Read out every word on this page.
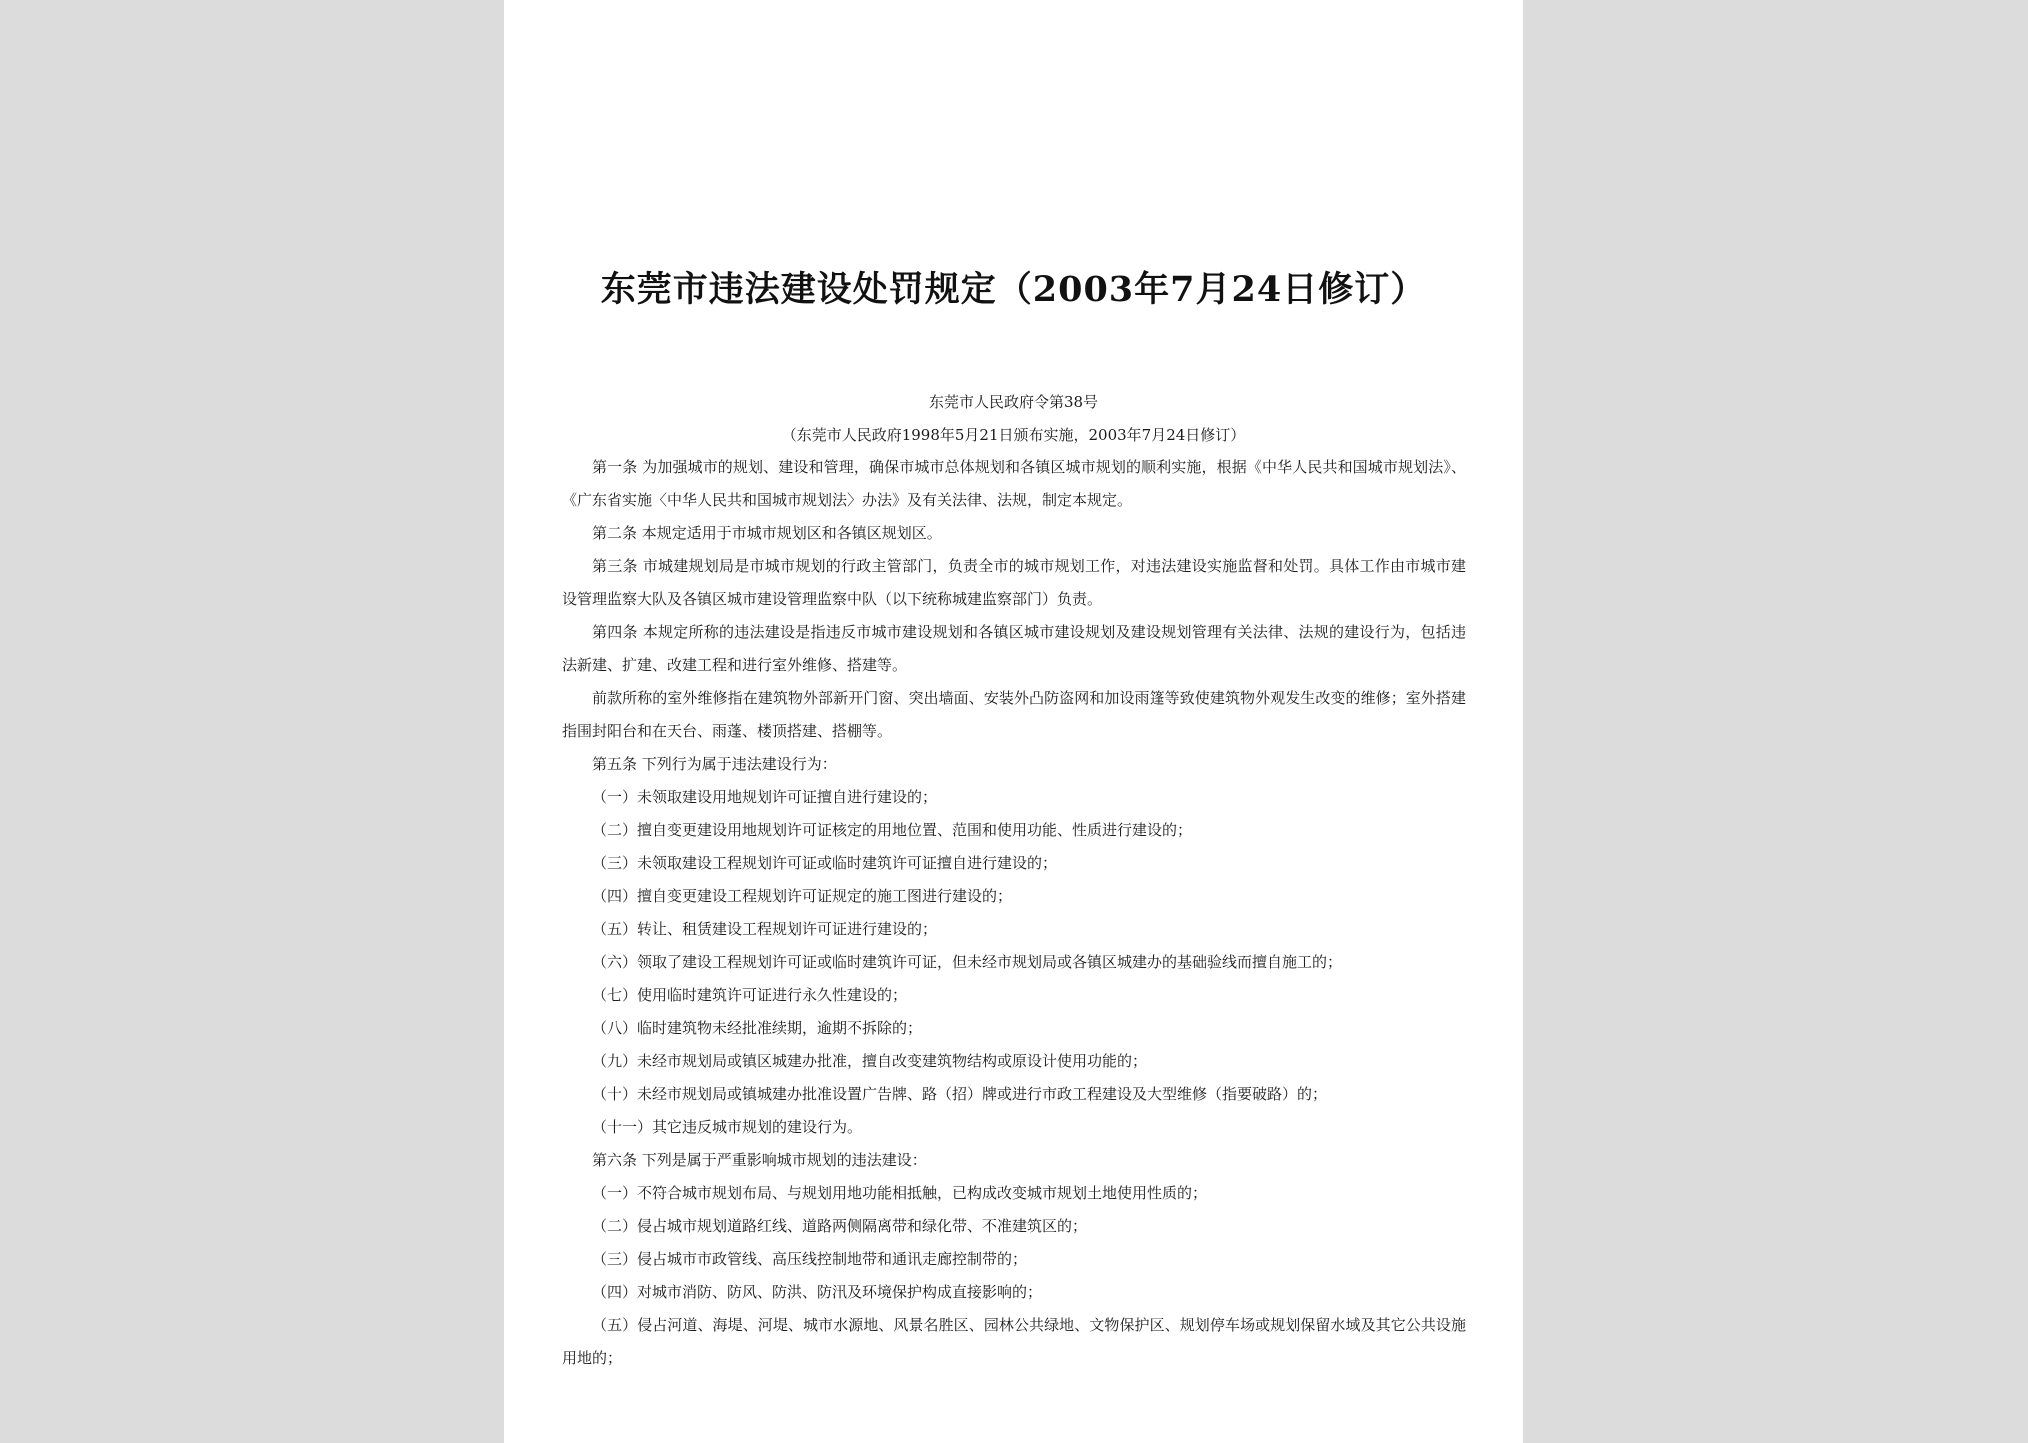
东莞市违法建设处罚规定（2003年7月24日修订）
东莞市人民政府令第38号
（东莞市人民政府1998年5月21日颁布实施，2003年7月24日修订）

第一条 为加强城市的规划、建设和管理，确保市城市总体规划和各镇区城市规划的顺利实施，根据《中华人民共和国城市规划法》、《广东省实施〈中华人民共和国城市规划法〉办法》及有关法律、法规，制定本规定。

第二条 本规定适用于市城市规划区和各镇区规划区。

第三条 市城建规划局是市城市规划的行政主管部门，负责全市的城市规划工作，对违法建设实施监督和处罚。具体工作由市城市建设管理监察大队及各镇区城市建设管理监察中队（以下统称城建监察部门）负责。

第四条 本规定所称的违法建设是指违反市城市建设规划和各镇区城市建设规划及建设规划管理有关法律、法规的建设行为，包括违法新建、扩建、改建工程和进行室外维修、搭建等。

前款所称的室外维修指在建筑物外部新开门窗、突出墙面、安装外凸防盗网和加设雨篷等致使建筑物外观发生改变的维修；室外搭建指围封阳台和在天台、雨蓬、楼顶搭建、搭棚等。

第五条 下列行为属于违法建设行为：

（一）未领取建设用地规划许可证擅自进行建设的；

（二）擅自变更建设用地规划许可证核定的用地位置、范围和使用功能、性质进行建设的；

（三）未领取建设工程规划许可证或临时建筑许可证擅自进行建设的；

（四）擅自变更建设工程规划许可证规定的施工图进行建设的；

（五）转让、租赁建设工程规划许可证进行建设的；

（六）领取了建设工程规划许可证或临时建筑许可证，但未经市规划局或各镇区城建办的基础验线而擅自施工的；

（七）使用临时建筑许可证进行永久性建设的；

（八）临时建筑物未经批准续期，逾期不拆除的；

（九）未经市规划局或镇区城建办批准，擅自改变建筑物结构或原设计使用功能的；

（十）未经市规划局或镇城建办批准设置广告牌、路（招）牌或进行市政工程建设及大型维修（指要破路）的；

（十一）其它违反城市规划的建设行为。

第六条 下列是属于严重影响城市规划的违法建设：

（一）不符合城市规划布局、与规划用地功能相抵触，已构成改变城市规划土地使用性质的；

（二）侵占城市规划道路红线、道路两侧隔离带和绿化带、不准建筑区的；

（三）侵占城市市政管线、高压线控制地带和通讯走廊控制带的；

（四）对城市消防、防风、防洪、防汛及环境保护构成直接影响的；

（五）侵占河道、海堤、河堤、城市水源地、风景名胜区、园林公共绿地、文物保护区、规划停车场或规划保留水域及其它公共设施用地的；
